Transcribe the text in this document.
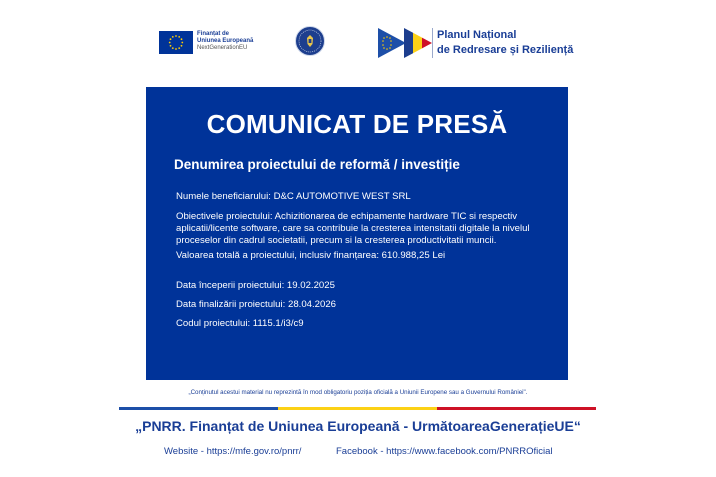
Finanțat de
Uniunea Europeană
NextGenerationEU
Planul Național
de Redresare și Reziliență
COMUNICAT DE PRESĂ
Denumirea proiectului de reformă / investiție
Numele beneficiarului: D&C AUTOMOTIVE WEST SRL
Obiectivele proiectului: Achizitionarea de echipamente hardware TIC si respectiv aplicatii/licente software, care sa contribuie la cresterea intensitatii digitale la nivelul proceselor din cadrul societatii, precum si la cresterea productivitatii muncii.
Valoarea totală a proiectului, inclusiv finanțarea: 610.988,25 Lei
Data începerii proiectului: 19.02.2025
Data finalizării proiectului: 28.04.2026
Codul proiectului: 1115.1/i3/c9
„Conținutul acestui material nu reprezintă în mod obligatoriu poziția oficială a Uniunii Europene sau a Guvernului României".
„PNRR. Finanțat de Uniunea Europeană - UrmătoareaGenerațieUE“
Website - https://mfe.gov.ro/pnrr/	Facebook - https://www.facebook.com/PNRROficial
